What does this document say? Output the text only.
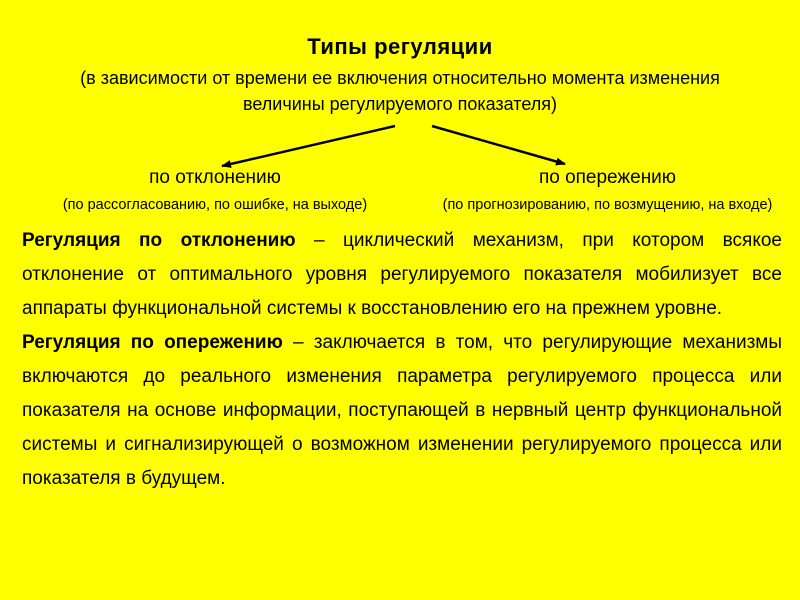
Типы регуляции
(в зависимости от времени ее включения относительно момента изменения величины регулируемого показателя)
по отклонению
(по рассогласованию, по ошибке, на выходе)
по опережению
(по прогнозированию, по возмущению, на входе)

Регуляция по отклонению – циклический механизм, при котором всякое отклонение от оптимального уровня регулируемого показателя мобилизует все аппараты функциональной системы к восстановлению его на прежнем уровне.

Регуляция по опережению – заключается в том, что регулирующие механизмы включаются до реального изменения параметра регулируемого процесса или показателя на основе информации, поступающей в нервный центр функциональной системы и сигнализирующей о возможном изменении регулируемого процесса или показателя в будущем.
